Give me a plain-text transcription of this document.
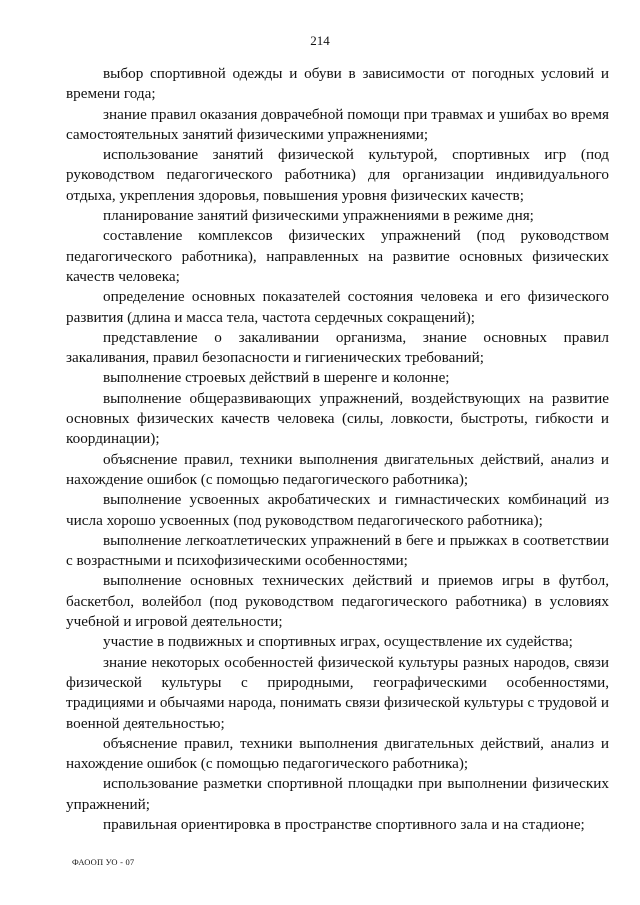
214

выбор спортивной одежды и обуви в зависимости от погодных условий и времени года;

знание правил оказания доврачебной помощи при травмах и ушибах во время самостоятельных занятий физическими упражнениями;

использование занятий физической культурой, спортивных игр (под руководством педагогического работника) для организации индивидуального отдыха, укрепления здоровья, повышения уровня физических качеств;

планирование занятий физическими упражнениями в режиме дня;

составление комплексов физических упражнений (под руководством педагогического работника), направленных на развитие основных физических качеств человека;

определение основных показателей состояния человека и его физического развития (длина и масса тела, частота сердечных сокращений);

представление о закаливании организма, знание основных правил закаливания, правил безопасности и гигиенических требований;

выполнение строевых действий в шеренге и колонне;

выполнение общеразвивающих упражнений, воздействующих на развитие основных физических качеств человека (силы, ловкости, быстроты, гибкости и координации);

объяснение правил, техники выполнения двигательных действий, анализ и нахождение ошибок (с помощью педагогического работника);

выполнение усвоенных акробатических и гимнастических комбинаций из числа хорошо усвоенных (под руководством педагогического работника);

выполнение легкоатлетических упражнений в беге и прыжках в соответствии с возрастными и психофизическими особенностями;

выполнение основных технических действий и приемов игры в футбол, баскетбол, волейбол (под руководством педагогического работника) в условиях учебной и игровой деятельности;

участие в подвижных и спортивных играх, осуществление их судейства;

знание некоторых особенностей физической культуры разных народов, связи физической культуры с природными, географическими особенностями, традициями и обычаями народа, понимать связи физической культуры с трудовой и военной деятельностью;

объяснение правил, техники выполнения двигательных действий, анализ и нахождение ошибок (с помощью педагогического работника);

использование разметки спортивной площадки при выполнении физических упражнений;

правильная ориентировка в пространстве спортивного зала и на стадионе;

ФАООП УО - 07
